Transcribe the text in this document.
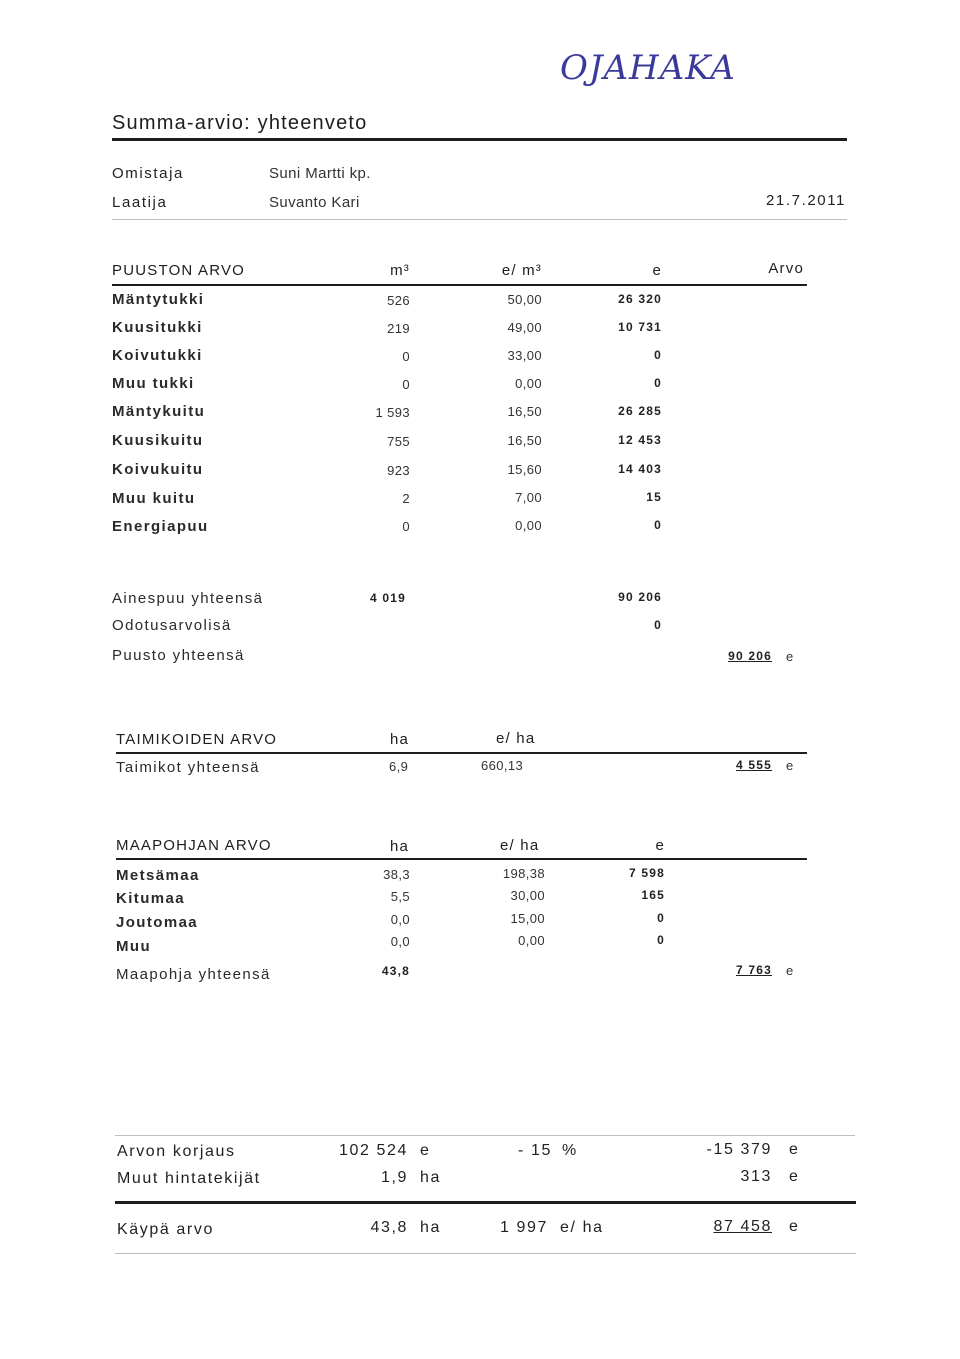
OJAHAKA
Summa-arvio: yhteenveto
Omistaja	Suni Martti kp.
Laatija	Suvanto Kari	21.7.2011
PUUSTON ARVO	m³	e/ m³	e	Arvo
Mäntytukki	526	50,00	26 320
Kuusitukki	219	49,00	10 731
Koivutukki	0	33,00	0
Muu tukki	0	0,00	0
Mäntykuitu	1 593	16,50	26 285
Kuusikuitu	755	16,50	12 453
Koivukuitu	923	15,60	14 403
Muu kuitu	2	7,00	15
Energiapuu	0	0,00	0
Ainespuu yhteensä	4 019	90 206
Odotusarvolisä	0
Puusto yhteensä	90 206 e
TAIMIKOIDEN ARVO	ha	e/ ha
Taimikot yhteensä	6,9	660,13	4 555 e
MAAPOHJAN ARVO	ha	e/ ha	e
Metsämaa	38,3	198,38	7 598
Kitumaa	5,5	30,00	165
Joutomaa	0,0	15,00	0
Muu	0,0	0,00	0
Maapohja yhteensä	43,8	7 763 e
Arvon korjaus	102 524 e	- 15 %	-15 379 e
Muut hintatekijät	1,9 ha	313 e
Käypä arvo	43,8 ha	1 997 e/ ha	87 458 e
